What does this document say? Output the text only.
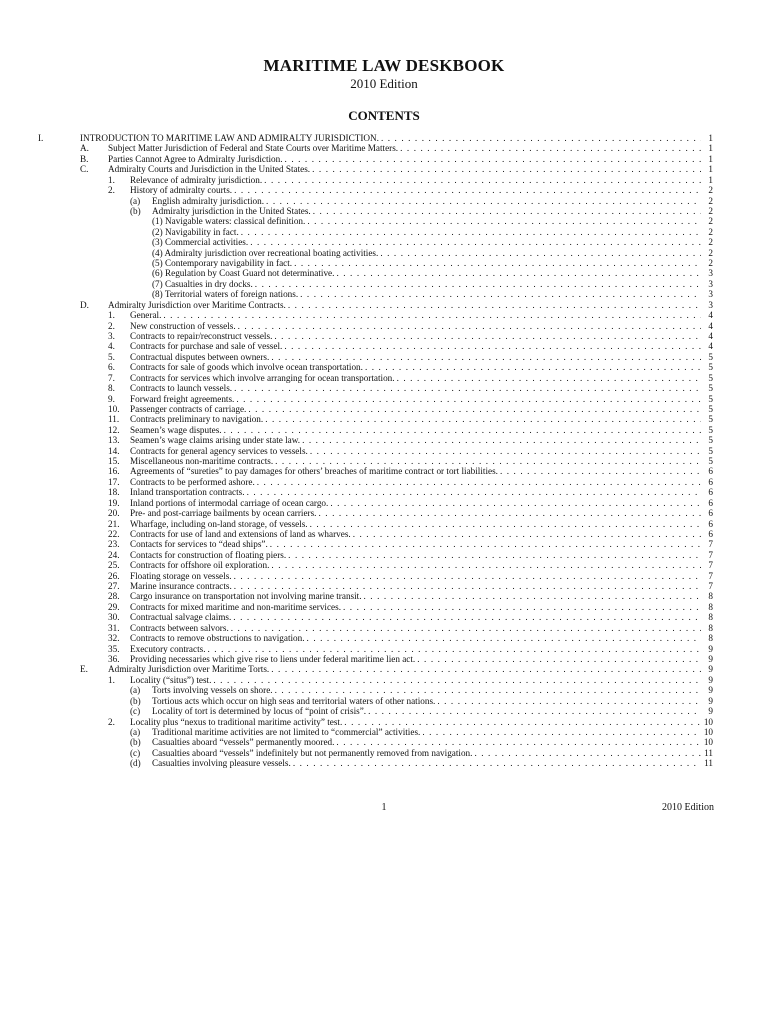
MARITIME LAW DESKBOOK
2010 Edition
CONTENTS
I.	INTRODUCTION TO MARITIME LAW AND ADMIRALTY JURISDICTION. . . .	1
A. Subject Matter Jurisdiction of Federal and State Courts over Maritime Matters. . . .	1
B. Parties Cannot Agree to Admiralty Jurisdiction. . . .	1
C. Admiralty Courts and Jurisdiction in the United States. . . .	1
1. Relevance of admiralty jurisdiction. . . .	1
2. History of admiralty courts. . . .	2
(a) English admiralty jurisdiction. . . .	2
(b) Admiralty jurisdiction in the United States. . . .	2
(1) Navigable waters: classical definition. . . .	2
(2) Navigability in fact. . . .	2
(3) Commercial activities. . . .	2
(4) Admiralty jurisdiction over recreational boating activities. . . .	2
(5) Contemporary navigability in fact. . . .	2
(6) Regulation by Coast Guard not determinative. . . .	3
(7) Casualties in dry docks. . . .	3
(8) Territorial waters of foreign nations. . . .	3
D. Admiralty Jurisdiction over Maritime Contracts. . . .	3
1. General. . . .	4
2. New construction of vessels. . . .	4
3. Contracts to repair/reconstruct vessels. . . .	4
4. Contracts for purchase and sale of vessel. . . .	4
5. Contractual disputes between owners. . . .	5
6. Contracts for sale of goods which involve ocean transportation. . . .	5
7. Contracts for services which involve arranging for ocean transportation. . . .	5
8. Contracts to launch vessels. . . .	5
9. Forward freight agreements. . . .	5
10. Passenger contracts of carriage. . . .	5
11. Contracts preliminary to navigation. . . .	5
12. Seamen’s wage disputes. . . .	5
13. Seamen’s wage claims arising under state law. . . .	5
14. Contracts for general agency services to vessels. . . .	5
15. Miscellaneous non-maritime contracts. . . .	5
16. Agreements of “sureties” to pay damages for others’ breaches of maritime contract or tort liabilities. . . .	6
17. Contracts to be performed ashore. . . .	6
18. Inland transportation contracts. . . .	6
19. Inland portions of intermodal carriage of ocean cargo. . . .	6
20. Pre- and post-carriage bailments by ocean carriers. . . .	6
21. Wharfage, including on-land storage, of vessels. . . .	6
22. Contracts for use of land and extensions of land as wharves. . . .	6
23. Contacts for services to “dead ships”. . . .	7
24. Contacts for construction of floating piers. . . .	7
25. Contracts for offshore oil exploration. . . .	7
26. Floating storage on vessels. . . .	7
27. Marine insurance contracts. . . .	7
28. Cargo insurance on transportation not involving marine transit. . . .	8
29. Contracts for mixed maritime and non-maritime services. . . .	8
30. Contractual salvage claims. . . .	8
31. Contracts between salvors. . . .	8
32. Contracts to remove obstructions to navigation. . . .	8
35. Executory contracts. . . .	9
36. Providing necessaries which give rise to liens under federal maritime lien act. . . .	9
E. Admiralty Jurisdiction over Maritime Torts. . . .	9
1. Locality (“situs”) test. . . .	9
(a) Torts involving vessels on shore. . . .	9
(b) Tortious acts which occur on high seas and territorial waters of other nations. . . .	9
(c) Locality of tort is determined by locus of “point of crisis”. . . .	9
2. Locality plus “nexus to traditional maritime activity” test. . . .	10
(a) Traditional maritime activities are not limited to “commercial” activities. . . .	10
(b) Casualties aboard “vessels” permanently moored. . . .	10
(c) Casualties aboard “vessels” indefinitely but not permanently removed from navigation. . . .	11
(d) Casualties involving pleasure vessels. . . .	11
1	2010 Edition
